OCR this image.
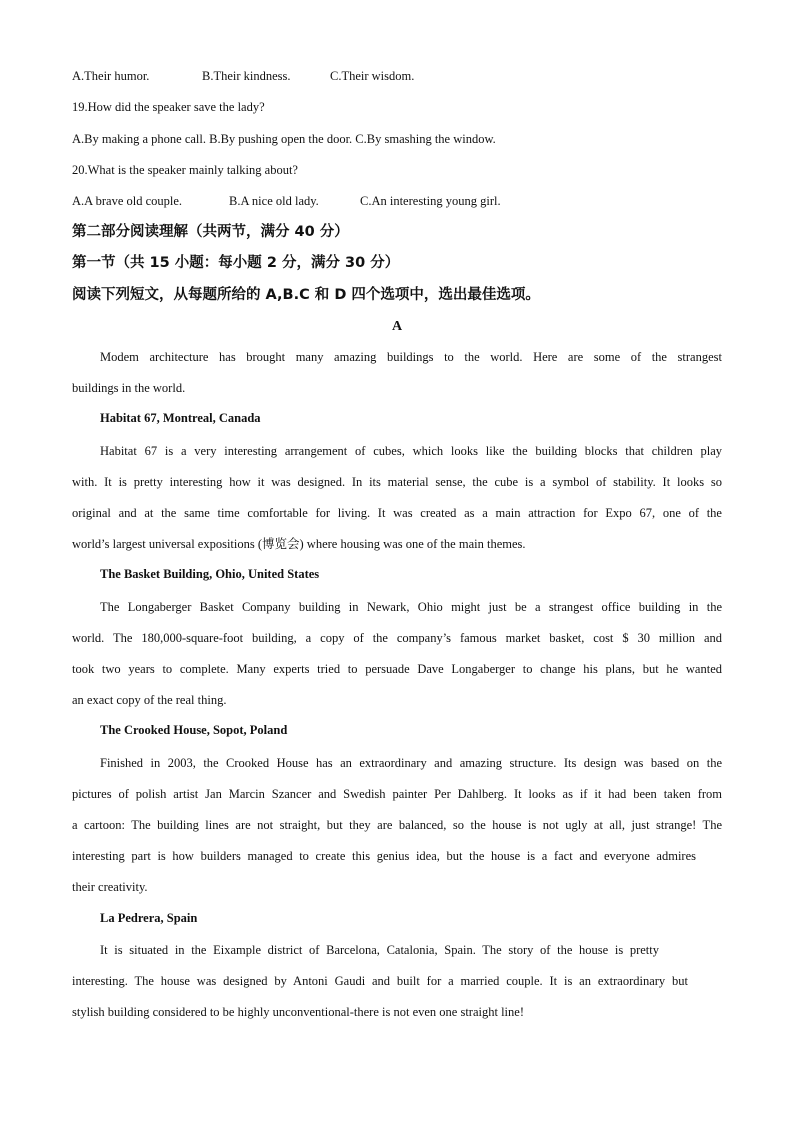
A.Their humor.	B.Their kindness.	C.Their wisdom.
19.How did the speaker save the lady?
A.By making a phone call. B.By pushing open the door. C.By smashing the window.
20.What is the speaker mainly talking about?
A.A brave old couple.	B.A nice old lady.	C.An interesting young girl.
第二部分阅读理解（共两节，满分 40 分）
第一节（共 15 小题：每小题 2 分，满分 30 分）
阅读下列短文，从每题所给的 A,B.C 和 D 四个选项中，选出最佳选项。
A
Modem architecture has brought many amazing buildings to the world. Here are some of the strangest
buildings in the world.
Habitat 67, Montreal, Canada
Habitat 67 is a very interesting arrangement of cubes, which looks like the building blocks that children play
with. It is pretty interesting how it was designed. In its material sense, the cube is a symbol of stability. It looks so
original and at the same time comfortable for living. It was created as a main attraction for Expo 67, one of the
world’s largest universal expositions (博览会) where housing was one of the main themes.
The Basket Building, Ohio, United States
The Longaberger Basket Company building in Newark, Ohio might just be a strangest office building in the
world. The 180,000-square-foot building, a copy of the company’s famous market basket, cost $ 30 million and
took two years to complete. Many experts tried to persuade Dave Longaberger to change his plans, but he wanted
an exact copy of the real thing.
The Crooked House, Sopot, Poland
Finished in 2003, the Crooked House has an extraordinary and amazing structure. Its design was based on the
pictures of polish artist Jan Marcin Szancer and Swedish painter Per Dahlberg. It looks as if it had been taken from
a cartoon: The building lines are not straight, but they are balanced, so the house is not ugly at all, just strange! The
interesting part is how builders managed to create this genius idea, but the house is a fact and everyone admires
their creativity.
La Pedrera, Spain
It is situated in the Eixample district of Barcelona, Catalonia, Spain. The story of the house is pretty
interesting. The house was designed by Antoni Gaudi and built for a married couple. It is an extraordinary but
stylish building considered to be highly unconventional-there is not even one straight line!
